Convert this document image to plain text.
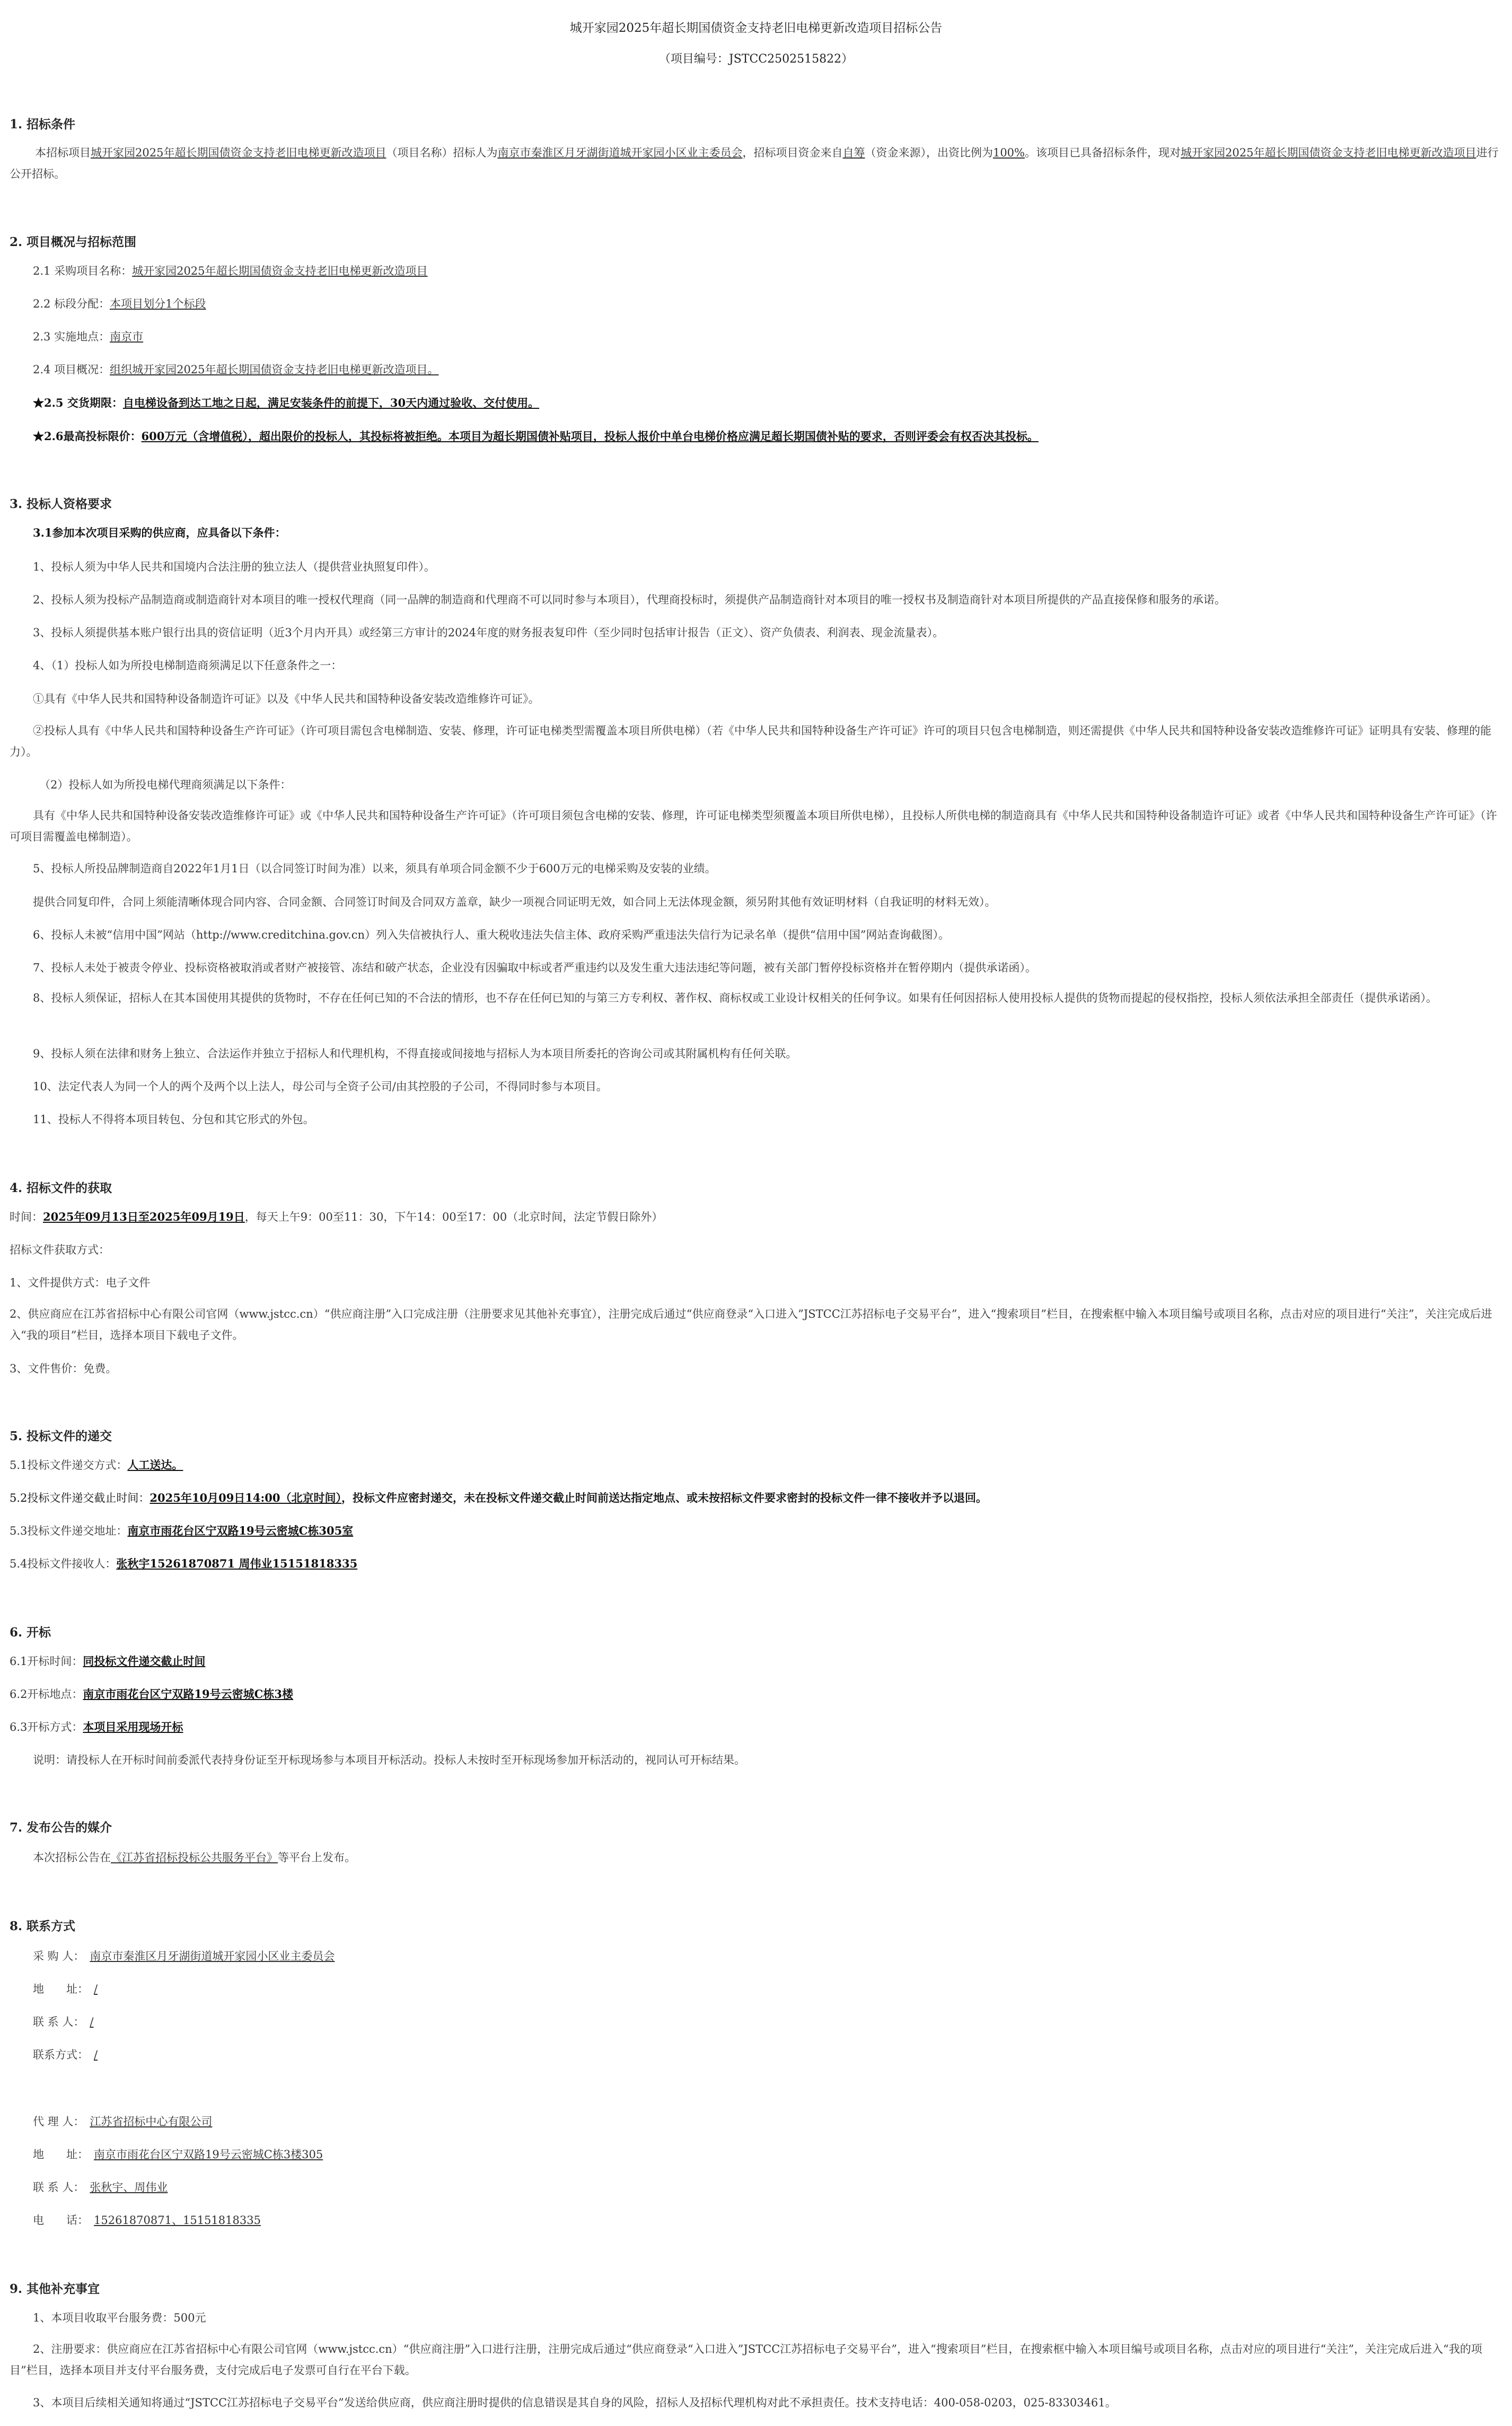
城开家园2025年超长期国债资金支持老旧电梯更新改造项目招标公告
（项目编号：JSTCC2502515822）
1. 招标条件
本招标项目城开家园2025年超长期国债资金支持老旧电梯更新改造项目（项目名称）招标人为南京市秦淮区月牙湖街道城开家园小区业主委员会，招标项目资金来自自筹（资金来源），出资比例为100%。该项目已具备招标条件，现对城开家园2025年超长期国债资金支持老旧电梯更新改造项目进行公开招标。
2. 项目概况与招标范围
2.1 采购项目名称：城开家园2025年超长期国债资金支持老旧电梯更新改造项目
2.2 标段分配：本项目划分1个标段
2.3 实施地点：南京市
2.4 项目概况：组织城开家园2025年超长期国债资金支持老旧电梯更新改造项目。
★2.5 交货期限：自电梯设备到达工地之日起，满足安装条件的前提下，30天内通过验收、交付使用。
★2.6最高投标限价：600万元（含增值税），超出限价的投标人，其投标将被拒绝。本项目为超长期国债补贴项目，投标人报价中单台电梯价格应满足超长期国债补贴的要求，否则评委会有权否决其投标。
3. 投标人资格要求
3.1参加本次项目采购的供应商，应具备以下条件：
1、投标人须为中华人民共和国境内合法注册的独立法人（提供营业执照复印件）。
2、投标人须为投标产品制造商或制造商针对本项目的唯一授权代理商（同一品牌的制造商和代理商不可以同时参与本项目），代理商投标时，须提供产品制造商针对本项目的唯一授权书及制造商针对本项目所提供的产品直接保修和服务的承诺。
3、投标人须提供基本账户银行出具的资信证明（近3个月内开具）或经第三方审计的2024年度的财务报表复印件（至少同时包括审计报告（正文）、资产负债表、利润表、现金流量表）。
4、（1）投标人如为所投电梯制造商须满足以下任意条件之一：
①具有《中华人民共和国特种设备制造许可证》以及《中华人民共和国特种设备安装改造维修许可证》。
②投标人具有《中华人民共和国特种设备生产许可证》（许可项目需包含电梯制造、安装、修理，许可证电梯类型需覆盖本项目所供电梯）（若《中华人民共和国特种设备生产许可证》许可的项目只包含电梯制造，则还需提供《中华人民共和国特种设备安装改造维修许可证》证明具有安装、修理的能力）。
（2）投标人如为所投电梯代理商须满足以下条件：
具有《中华人民共和国特种设备安装改造维修许可证》或《中华人民共和国特种设备生产许可证》（许可项目须包含电梯的安装、修理，许可证电梯类型须覆盖本项目所供电梯），且投标人所供电梯的制造商具有《中华人民共和国特种设备制造许可证》或者《中华人民共和国特种设备生产许可证》（许可项目需覆盖电梯制造）。
5、投标人所投品牌制造商自2022年1月1日（以合同签订时间为准）以来，须具有单项合同金额不少于600万元的电梯采购及安装的业绩。
提供合同复印件，合同上须能清晰体现合同内容、合同金额、合同签订时间及合同双方盖章，缺少一项视合同证明无效，如合同上无法体现金额，须另附其他有效证明材料（自我证明的材料无效）。
6、投标人未被“信用中国”网站（http://www.creditchina.gov.cn）列入失信被执行人、重大税收违法失信主体、政府采购严重违法失信行为记录名单（提供“信用中国”网站查询截图）。
7、投标人未处于被责令停业、投标资格被取消或者财产被接管、冻结和破产状态，企业没有因骗取中标或者严重违约以及发生重大违法违纪等问题，被有关部门暂停投标资格并在暂停期内（提供承诺函）。
8、投标人须保证，招标人在其本国使用其提供的货物时，不存在任何已知的不合法的情形，也不存在任何已知的与第三方专利权、著作权、商标权或工业设计权相关的任何争议。如果有任何因招标人使用投标人提供的货物而提起的侵权指控，投标人须依法承担全部责任（提供承诺函）。
9、投标人须在法律和财务上独立、合法运作并独立于招标人和代理机构，不得直接或间接地与招标人为本项目所委托的咨询公司或其附属机构有任何关联。
10、法定代表人为同一个人的两个及两个以上法人，母公司与全资子公司/由其控股的子公司，不得同时参与本项目。
11、投标人不得将本项目转包、分包和其它形式的外包。
4. 招标文件的获取
时间：2025年09月13日至2025年09月19日，每天上午9：00至11：30，下午14：00至17：00（北京时间，法定节假日除外）
招标文件获取方式：
1、文件提供方式：电子文件
2、供应商应在江苏省招标中心有限公司官网（www.jstcc.cn）“供应商注册”入口完成注册（注册要求见其他补充事宜），注册完成后通过“供应商登录“入口进入”JSTCC江苏招标电子交易平台”，进入“搜索项目”栏目，在搜索框中输入本项目编号或项目名称，点击对应的项目进行“关注”，关注完成后进入“我的项目”栏目，选择本项目下载电子文件。
3、文件售价：免费。
5. 投标文件的递交
5.1投标文件递交方式：人工送达。
5.2投标文件递交截止时间：2025年10月09日14:00（北京时间），投标文件应密封递交，未在投标文件递交截止时间前送达指定地点、或未按招标文件要求密封的投标文件一律不接收并予以退回。
5.3投标文件递交地址：南京市雨花台区宁双路19号云密城C栋305室
5.4投标文件接收人：张秋宇15261870871 周伟业15151818335
6. 开标
6.1开标时间：同投标文件递交截止时间
6.2开标地点：南京市雨花台区宁双路19号云密城C栋3楼
6.3开标方式：本项目采用现场开标
说明：请投标人在开标时间前委派代表持身份证至开标现场参与本项目开标活动。投标人未按时至开标现场参加开标活动的，视同认可开标结果。
7. 发布公告的媒介
本次招标公告在《江苏省招标投标公共服务平台》等平台上发布。
8. 联系方式
采 购 人： 南京市秦淮区月牙湖街道城开家园小区业主委员会
地　　址： /
联 系 人： /
联系方式： /
代 理 人： 江苏省招标中心有限公司
地　　址： 南京市雨花台区宁双路19号云密城C栋3楼305
联 系 人： 张秋宇、周伟业
电　　话： 15261870871、15151818335
9. 其他补充事宜
1、本项目收取平台服务费：500元
2、注册要求：供应商应在江苏省招标中心有限公司官网（www.jstcc.cn）“供应商注册”入口进行注册，注册完成后通过“供应商登录“入口进入”JSTCC江苏招标电子交易平台”，进入“搜索项目”栏目，在搜索框中输入本项目编号或项目名称，点击对应的项目进行“关注”，关注完成后进入“我的项目”栏目，选择本项目并支付平台服务费，支付完成后电子发票可自行在平台下载。
3、本项目后续相关通知将通过“JSTCC江苏招标电子交易平台”发送给供应商，供应商注册时提供的信息错误是其自身的风险，招标人及招标代理机构对此不承担责任。技术支持电话：400-058-0203，025-83303461。
